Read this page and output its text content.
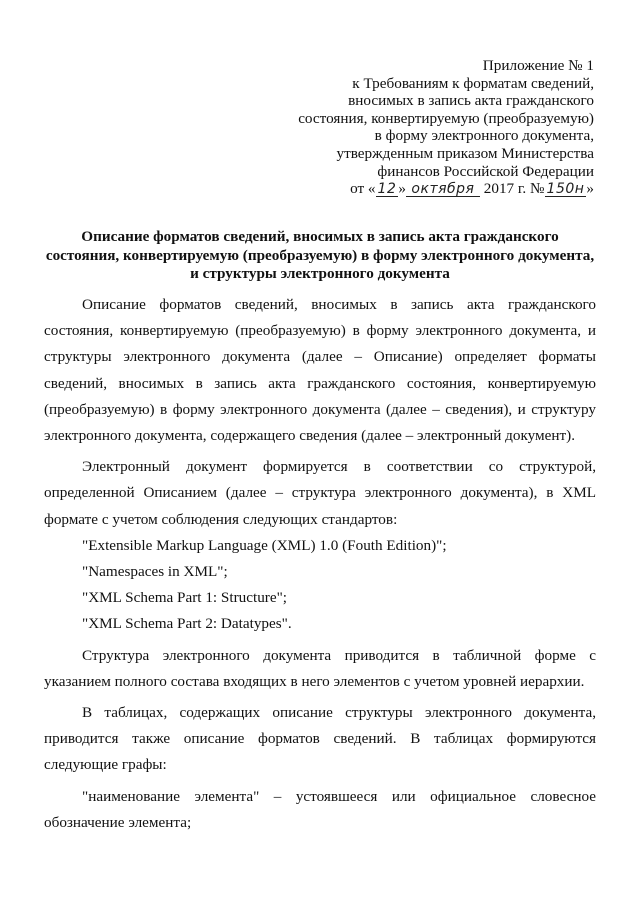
Приложение № 1
к Требованиям к форматам сведений,
вносимых в запись акта гражданского
состояния, конвертируемую (преобразуемую)
в форму электронного документа,
утвержденным приказом Министерства
финансов Российской Федерации
от « 12 » октября 2017 г. № 150н »
Описание форматов сведений, вносимых в запись акта гражданского
состояния, конвертируемую (преобразуемую) в форму электронного документа,
и структуры электронного документа

Описание форматов сведений, вносимых в запись акта гражданского состояния, конвертируемую (преобразуемую) в форму электронного документа, и структуры электронного документа (далее – Описание) определяет форматы сведений, вносимых в запись акта гражданского состояния, конвертируемую (преобразуемую) в форму электронного документа (далее – сведения), и структуру электронного документа, содержащего сведения (далее – электронный документ).

Электронный документ формируется в соответствии со структурой, определенной Описанием (далее – структура электронного документа), в XML формате с учетом соблюдения следующих стандартов:

"Extensible Markup Language (XML) 1.0 (Fouth Edition)";

"Namespaces in XML";

"XML Schema Part 1: Structure";

"XML Schema Part 2: Datatypes".

Структура электронного документа приводится в табличной форме с указанием полного состава входящих в него элементов с учетом уровней иерархии.

В таблицах, содержащих описание структуры электронного документа, приводится также описание форматов сведений. В таблицах формируются следующие графы:

"наименование элемента" – устоявшееся или официальное словесное обозначение элемента;
